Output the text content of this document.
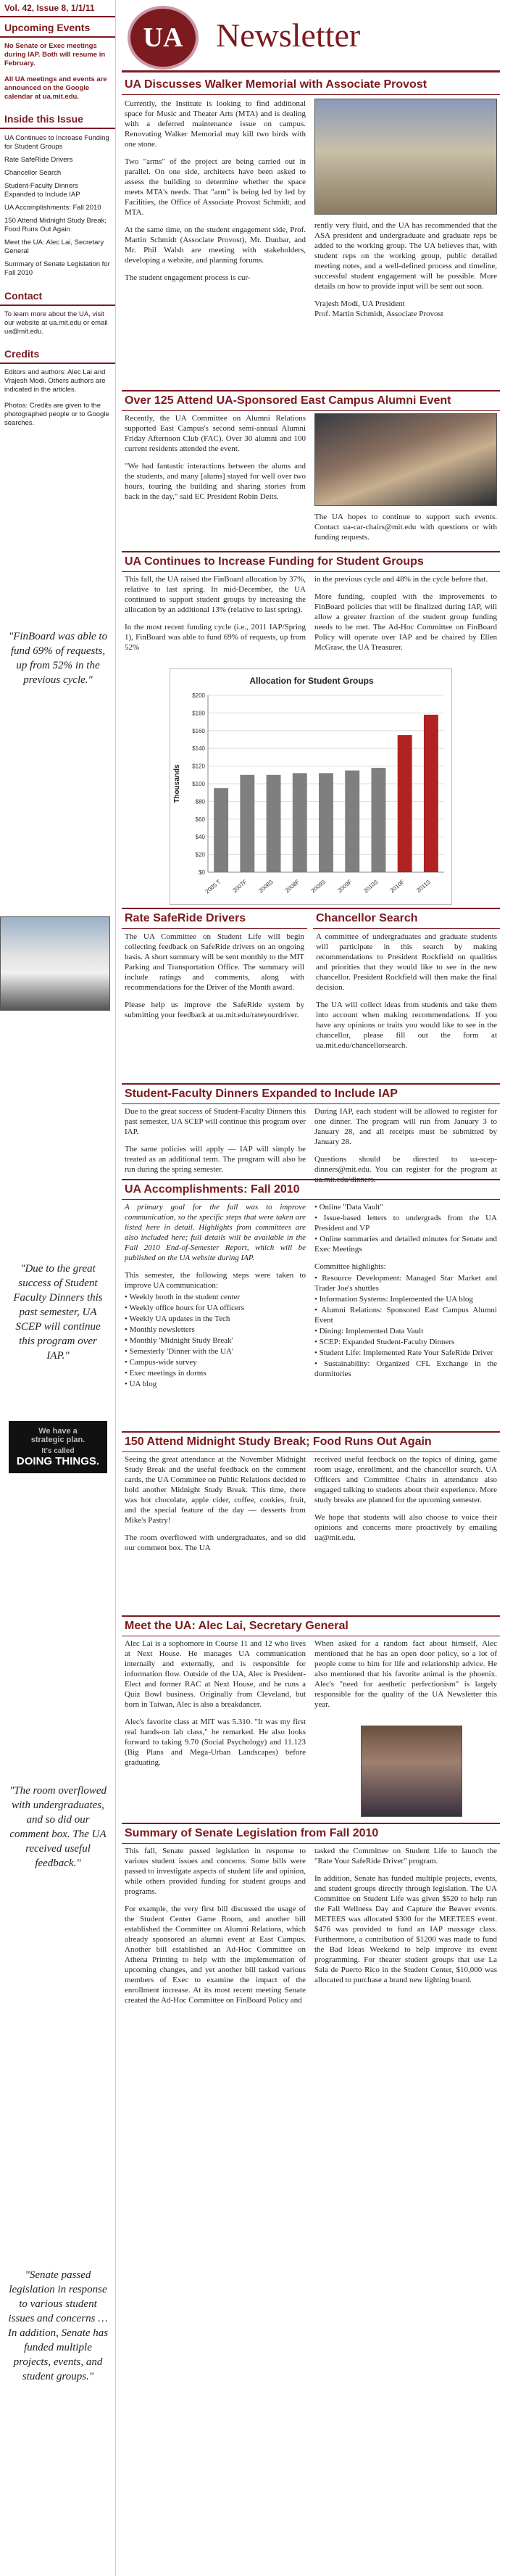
Vol. 42, Issue 8, 1/1/11
Upcoming Events
No Senate or Exec meetings during IAP. Both will resume in February.
All UA meetings and events are announced on the Google calendar at ua.mit.edu.
Inside this Issue
UA Continues to Increase Funding for Student Groups
Rate SafeRide Drivers
Chancellor Search
Student-Faculty Dinners Expanded to Include IAP
UA Accomplishments: Fall 2010
150 Attend Midnight Study Break; Food Runs Out Again
Meet the UA: Alec Lai, Secretary General
Summary of Senate Legislation for Fall 2010
Contact
To learn more about the UA, visit our website at ua.mit.edu or email ua@mit.edu.
Credits
Editors and authors: Alec Lai and Vrajesh Modi. Others authors are indicated in the articles.
Photos: Credits are given to the photographed people or to Google searches.
"FinBoard was able to fund 69% of requests, up from 52% in the previous cycle."
"Due to the great success of Student Faculty Dinners this past semester, UA SCEP will continue this program over IAP."
We have a
strategic plan.
It's called
DOING THINGS.
"The room overflowed with undergraduates, and so did our comment box. The UA received useful feedback."
"Senate passed legislation in response to various student issues and concerns … In addition, Senate has funded multiple projects, events, and student groups."
UA Newsletter
UA Discusses Walker Memorial with Associate Provost

Currently, the Institute is looking to find additional space for Music and Theater Arts (MTA) and is dealing with a deferred maintenance issue on campus. Renovating Walker Memorial may kill two birds with one stone.

Two "arms" of the project are being carried out in parallel. On one side, architects have been asked to assess the building to determine whether the space meets MTA's needs. That "arm" is being led by led by Facilities, the Office of Associate Provost Schmidt, and MTA.

At the same time, on the student engagement side, Prof. Martin Schmidt (Associate Provost), Mr. Dunbar, and Mr. Phil Walsh are meeting with stakeholders, developing a website, and planning forums.

The student engagement process is cur-

rently very fluid, and the UA has recommended that the ASA president and undergraduate and graduate reps be added to the working group. The UA believes that, with student reps on the working group, public detailed meeting notes, and a well-defined process and timeline, successful student engagement will be possible. More details on how to provide input will be sent out soon.

Vrajesh Modi, UA President

Prof. Martin Schmidt, Associate Provost

Over 125 Attend UA-Sponsored East Campus Alumni Event

Recently, the UA Committee on Alumni Relations supported East Campus's second semi-annual Alumni Friday Afternoon Club (FAC). Over 30 alumni and 100 current residents attended the event.

"We had fantastic interactions between the alums and the students, and many [alums] stayed for well over two hours, touring the building and sharing stories from back in the day," said EC President Robin Deits.

The UA hopes to continue to support such events. Contact ua-car-chairs@mit.edu with questions or with funding requests.

UA Continues to Increase Funding for Student Groups

This fall, the UA raised the FinBoard allocation by 37%, relative to last spring. In mid-December, the UA continued to support student groups by increasing the allocation by an additional 13% (relative to last spring).

In the most recent funding cycle (i.e., 2011 IAP/Spring 1), FinBoard was able to fund 69% of requests, up from 52%

in the previous cycle and 48% in the cycle before that.

More funding, coupled with the improvements to FinBoard policies that will be finalized during IAP, will allow a greater fraction of the student group funding needs to be met. The Ad-Hoc Committee on FinBoard Policy will operate over IAP and be chaired by Ellen McGraw, the UA Treasurer.

Allocation for Student Groups
Thousands
$0
$20
$40
$60
$80
$100
$120
$140
$160
$180
$200
2005 T 2007F 2008S 2008F 2009S 2009F 2010S 2010F 2011S
Rate SafeRide Drivers

The UA Committee on Student Life will begin collecting feedback on SafeRide drivers on an ongoing basis. A short summary will be sent monthly to the MIT Parking and Transportation Office. The summary will include ratings and comments, along with recommendations for the Driver of the Month award.

Please help us improve the SafeRide system by submitting your feedback at ua.mit.edu/rateyourdriver.

Chancellor Search

A committee of undergraduates and graduate students will participate in this search by making recommendations to President Rockfield on qualities and priorities that they would like to see in the new chancellor. President Rockfield will then make the final decision.

The UA will collect ideas from students and take them into account when making recommendations. If you have any opinions or traits you would like to see in the chancellor, please fill out the form at ua.mit.edu/chancellorsearch.

Student-Faculty Dinners Expanded to Include IAP

Due to the great success of Student-Faculty Dinners this past semester, UA SCEP will continue this program over IAP.

The same policies will apply — IAP will simply be treated as an additional term. The program will also be run during the spring semester.

During IAP, each student will be allowed to register for one dinner. The program will run from January 3 to January 28, and all receipts must be submitted by January 28.

Questions should be directed to ua-scep-dinners@mit.edu. You can register for the program at ua.mit.edu/dinners.

UA Accomplishments: Fall 2010

A primary goal for the fall was to improve communication, so the specific steps that were taken are listed here in detail. Highlights from committees are also included here; full details will be available in the Fall 2010 End-of-Semester Report, which will be published on the UA website during IAP.

This semester, the following steps were taken to improve UA communication:

• Weekly booth in the student center
• Weekly office hours for UA officers
• Weekly UA updates in the Tech
• Monthly newsletters
• Monthly 'Midnight Study Break'
• Semesterly 'Dinner with the UA'
• Campus-wide survey
• Exec meetings in dorms
• UA blog
• Online "Data Vault"
• Issue-based letters to undergrads from the UA President and VP
• Online summaries and detailed minutes for Senate and Exec Meetings

Committee highlights:

• Resource Development: Managed Star Market and Trader Joe's shuttles
• Information Systems: Implemented the UA blog
• Alumni Relations: Sponsored East Campus Alumni Event
• Dining: Implemented Data Vault
• SCEP: Expanded Student-Faculty Dinners
• Student Life: Implemented Rate Your SafeRide Driver
• Sustainability: Organized CFL Exchange in the dormitories
150 Attend Midnight Study Break; Food Runs Out Again

Seeing the great attendance at the November Midnight Study Break and the useful feedback on the comment cards, the UA Committee on Public Relations decided to hold another Midnight Study Break. This time, there was hot chocolate, apple cider, coffee, cookies, fruit, and the special feature of the day — desserts from Mike's Pastry!

The room overflowed with undergraduates, and so did our comment box. The UA

received useful feedback on the topics of dining, game room usage, enrollment, and the chancellor search. UA Officers and Committee Chairs in attendance also engaged talking to students about their experience. More study breaks are planned for the upcoming semester.

We hope that students will also choose to voice their opinions and concerns more proactively by emailing ua@mit.edu.

Meet the UA: Alec Lai, Secretary General

Alec Lai is a sophomore in Course 11 and 12 who lives at Next House. He manages UA communication internally and externally, and is responsible for information flow. Outside of the UA, Alec is President-Elect and former RAC at Next House, and he runs a Quiz Bowl business. Originally from Cleveland, but born in Taiwan, Alec is also a breakdancer.

Alec's favorite class at MIT was 5.310. "It was my first real hands-on lab class," he remarked. He also looks forward to taking 9.70 (Social Psychology) and 11.123 (Big Plans and Mega-Urban Landscapes) before graduating.

When asked for a random fact about himself, Alec mentioned that he has an open door policy, so a lot of people come to him for life and relationship advice. He also mentioned that his favorite animal is the phoenix. Alec's "need for aesthetic perfectionism" is largely responsible for the quality of the UA Newsletter this year.

Summary of Senate Legislation from Fall 2010

This fall, Senate passed legislation in response to various student issues and concerns. Some bills were passed to investigate aspects of student life and opinion, while others provided funding for student groups and programs.

For example, the very first bill discussed the usage of the Student Center Game Room, and another bill established the Committee on Alumni Relations, which already sponsored an alumni event at East Campus. Another bill established an Ad-Hoc Committee on Athena Printing to help with the implementation of upcoming changes, and yet another bill tasked various members of Exec to examine the impact of the enrollment increase. At its most recent meeting Senate created the Ad-Hoc Committee on FinBoard Policy and

tasked the Committee on Student Life to launch the "Rate Your SafeRide Driver" program.

In addition, Senate has funded multiple projects, events, and student groups directly through legislation. The UA Committee on Student Life was given $520 to help run the Fall Wellness Day and Capture the Beaver events. METEES was allocated $300 for the MEETEES event. $476 was provided to fund an IAP massage class. Furthermore, a contribution of $1200 was made to fund the Bad Ideas Weekend to help improve its event programming. For theater student groups that use La Sala de Puerto Rico in the Student Center, $10,000 was allocated to purchase a brand new lighting board.
